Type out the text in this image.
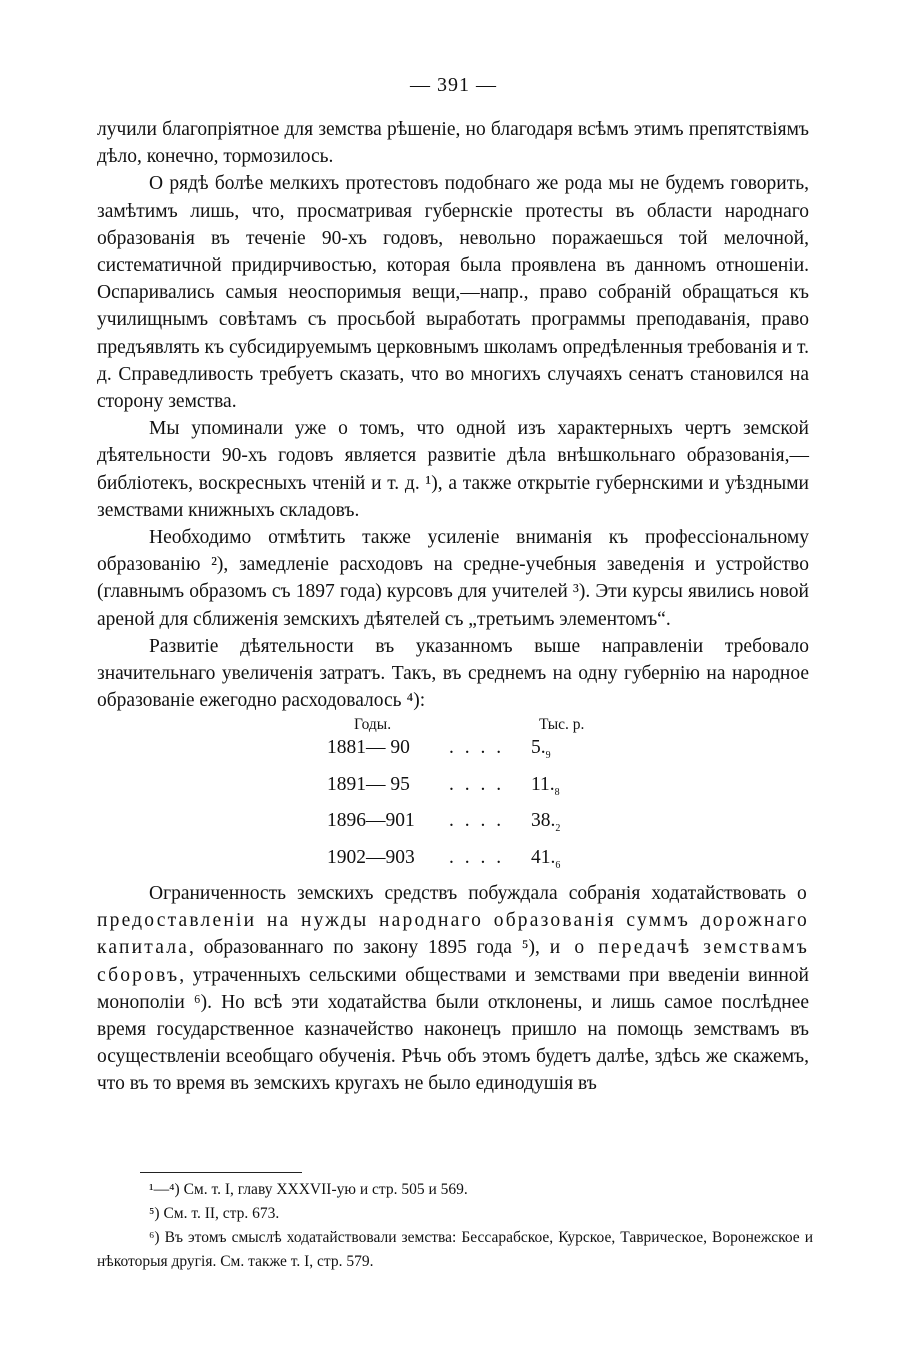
— 391 —

лучили благопріятное для земства рѣшеніе, но благодаря всѣмъ этимъ препятствіямъ дѣло, конечно, тормозилось.

О рядѣ болѣе мелкихъ протестовъ подобнаго же рода мы не будемъ говорить, замѣтимъ лишь, что, просматривая губернскіе протесты въ области народнаго образованія въ теченіе 90-хъ годовъ, невольно поражаешься той мелочной, систематичной придирчивостью, которая была проявлена въ данномъ отношеніи. Оспаривались самыя неоспоримыя вещи,—напр., право собраній обращаться къ училищнымъ совѣтамъ съ просьбой выработать программы преподаванія, право предъявлять къ субсидируемымъ церковнымъ школамъ опредѣленныя требованія и т. д. Справедливость требуетъ сказать, что во многихъ случаяхъ сенатъ становился на сторону земства.

Мы упоминали уже о томъ, что одной изъ характерныхъ чертъ земской дѣятельности 90-хъ годовъ является развитіе дѣла внѣшкольнаго образованія,—библіотекъ, воскресныхъ чтеній и т. д. ¹), а также открытіе губернскими и уѣздными земствами книжныхъ складовъ.

Необходимо отмѣтить также усиленіе вниманія къ профессіональному образованію ²), замедленіе расходовъ на средне-учебныя заведенія и устройство (главнымъ образомъ съ 1897 года) курсовъ для учителей ³). Эти курсы явились новой ареной для сближенія земскихъ дѣятелей съ „третьимъ элементомъ“.

Развитіе дѣятельности въ указанномъ выше направленіи требовало значительнаго увеличенія затратъ. Такъ, въ среднемъ на одну губернію на народное образованіе ежегодно расходовалось ⁴):

Годы.	Тыс. р.
1881— 90	. . . .	$5._9$
1891— 95	. . . .	$11._8$
1896—901	. . . .	$38._2$
1902—903	. . . .	$41._6$

Ограниченность земскихъ средствъ побуждала собранія ходатайствовать о предоставленіи на нужды народнаго образованія суммъ дорожнаго капитала, образованнаго по закону 1895 года ⁵), и о передачѣ земствамъ сборовъ, утраченныхъ сельскими обществами и земствами при введеніи винной монополіи ⁶). Но всѣ эти ходатайства были отклонены, и лишь самое послѣднее время государственное казначейство наконецъ пришло на помощь земствамъ въ осуществленіи всеобщаго обученія. Рѣчь объ этомъ будетъ далѣе, здѣсь же скажемъ, что въ то время въ земскихъ кругахъ не было единодушія въ

¹—⁴) См. т. I, главу XXXVII-ую и стр. 505 и 569.

⁵) См. т. II, стр. 673.

⁶) Въ этомъ смыслѣ ходатайствовали земства: Бессарабское, Курское, Таврическое, Воронежское и нѣкоторыя другія. См. также т. I, стр. 579.
